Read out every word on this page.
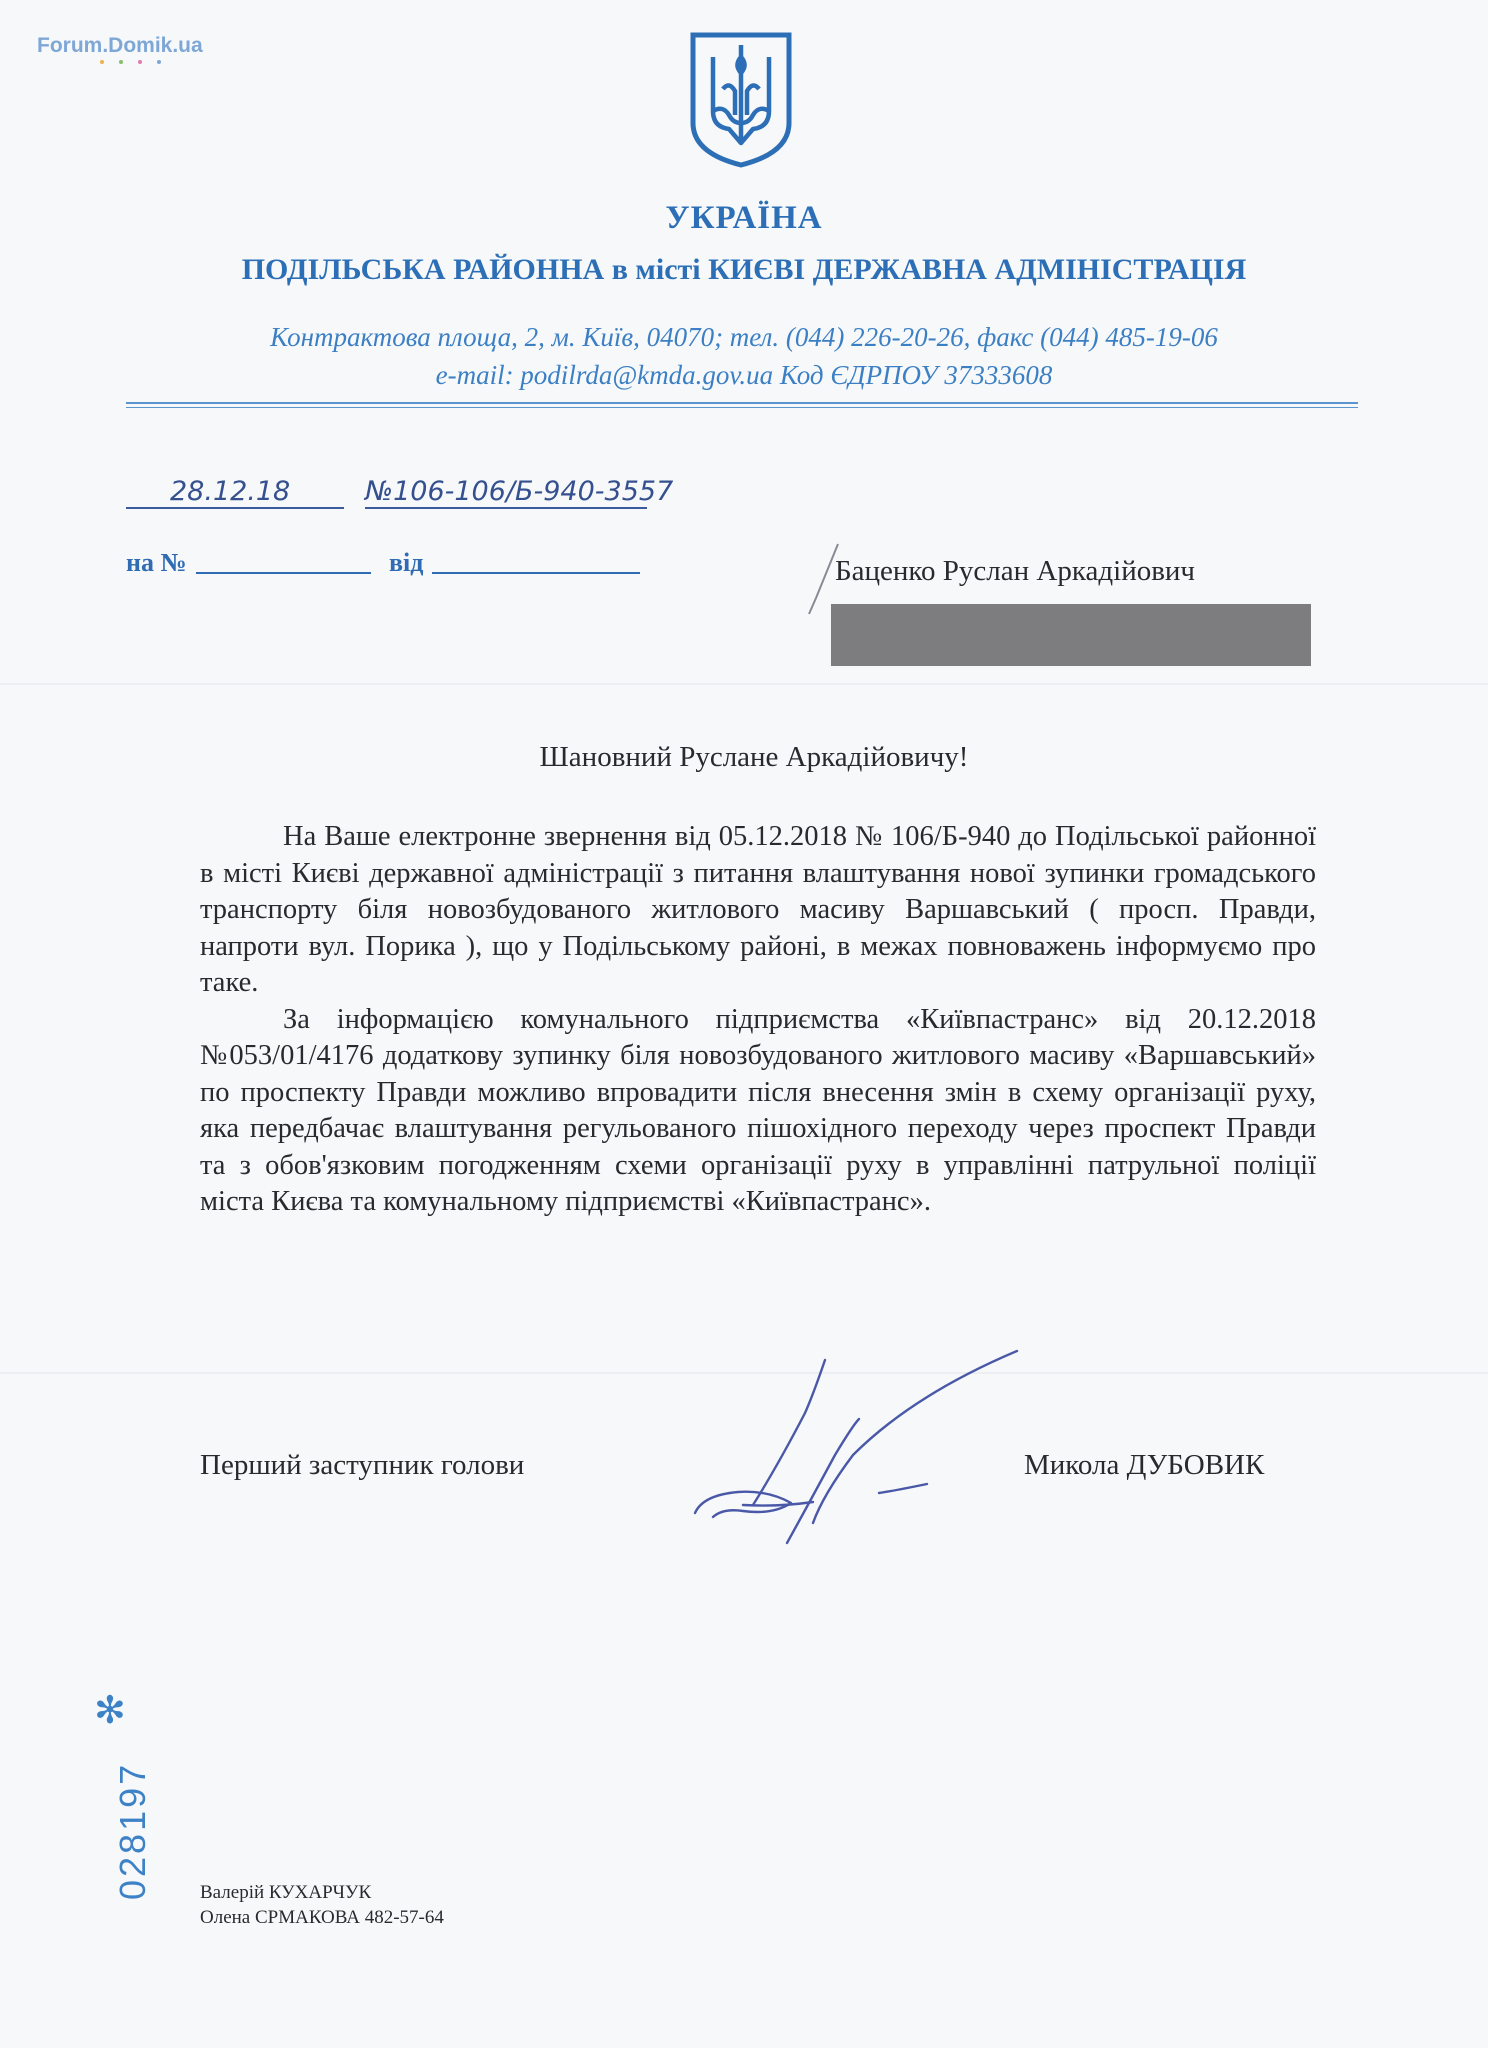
Forum.Domik.ua
УКРАЇНА
ПОДІЛЬСЬКА РАЙОННА в місті КИЄВІ ДЕРЖАВНА АДМІНІСТРАЦІЯ
Контрактова площа, 2, м. Київ, 04070; тел. (044) 226-20-26, факс (044) 485-19-06
e-mail: podilrda@kmda.gov.ua Код ЄДРПОУ 37333608
28.12.18	№106-106/Б-940-3557
на №	від	Баценко Руслан Аркадійович
Шановний Руслане Аркадійовичу!

На Ваше електронне звернення від 05.12.2018 № 106/Б-940 до Подільської районної в місті Києві державної адміністрації з питання влаштування нової зупинки громадського транспорту біля новозбудованого житлового масиву Варшавський ( просп. Правди, напроти вул. Порика ), що у Подільському районі, в межах повноважень інформуємо про таке.

За інформацією комунального підприємства «Київпастранс» від 20.12.2018 №053/01/4176 додаткову зупинку біля новозбудованого житлового масиву «Варшавський» по проспекту Правди можливо впровадити після внесення змін в схему організації руху, яка передбачає влаштування регульованого пішохідного переходу через проспект Правди та з обов'язковим погодженням схеми організації руху в управлінні патрульної поліції міста Києва та комунальному підприємстві «Київпастранс».

Перший заступник голови	Микола ДУБОВИК
✻
028197 Валерій КУХАРЧУК
Олена СРМАКОВА 482-57-64
